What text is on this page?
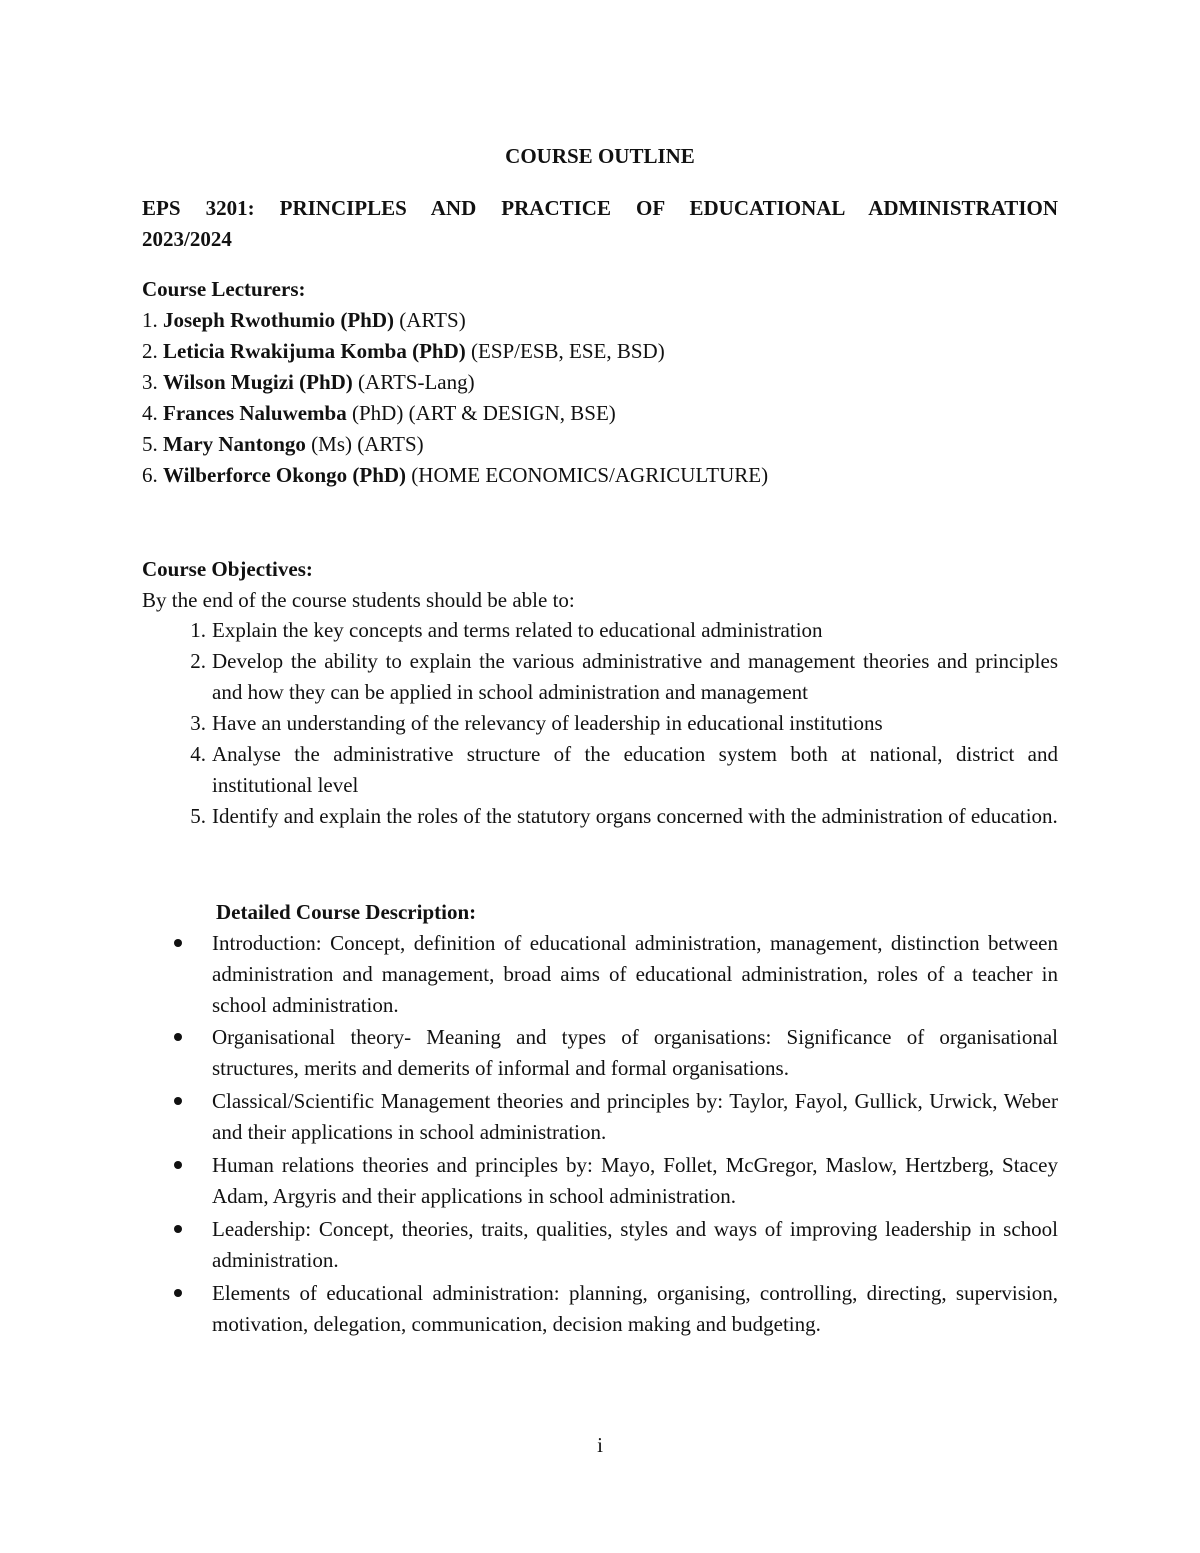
COURSE OUTLINE
EPS 3201: PRINCIPLES AND PRACTICE OF EDUCATIONAL ADMINISTRATION
2023/2024
Course Lecturers:
1. Joseph Rwothumio (PhD) (ARTS)
2. Leticia Rwakijuma Komba (PhD) (ESP/ESB, ESE, BSD)
3. Wilson Mugizi (PhD) (ARTS-Lang)
4. Frances Naluwemba (PhD) (ART & DESIGN, BSE)
5. Mary Nantongo (Ms) (ARTS)
6. Wilberforce Okongo (PhD) (HOME ECONOMICS/AGRICULTURE)
Course Objectives:
By the end of the course students should be able to:
1. Explain the key concepts and terms related to educational administration
2. Develop the ability to explain the various administrative and management theories and principles and how they can be applied in school administration and management
3. Have an understanding of the relevancy of leadership in educational institutions
4. Analyse the administrative structure of the education system both at national, district and institutional level
5. Identify and explain the roles of the statutory organs concerned with the administration of education.
Detailed Course Description:
Introduction: Concept, definition of educational administration, management, distinction between administration and management, broad aims of educational administration, roles of a teacher in school administration.
Organisational theory- Meaning and types of organisations: Significance of organisational structures, merits and demerits of informal and formal organisations.
Classical/Scientific Management theories and principles by: Taylor, Fayol, Gullick, Urwick, Weber and their applications in school administration.
Human relations theories and principles by: Mayo, Follet, McGregor, Maslow, Hertzberg, Stacey Adam, Argyris and their applications in school administration.
Leadership: Concept, theories, traits, qualities, styles and ways of improving leadership in school administration.
Elements of educational administration: planning, organising, controlling, directing, supervision, motivation, delegation, communication, decision making and budgeting.
i
